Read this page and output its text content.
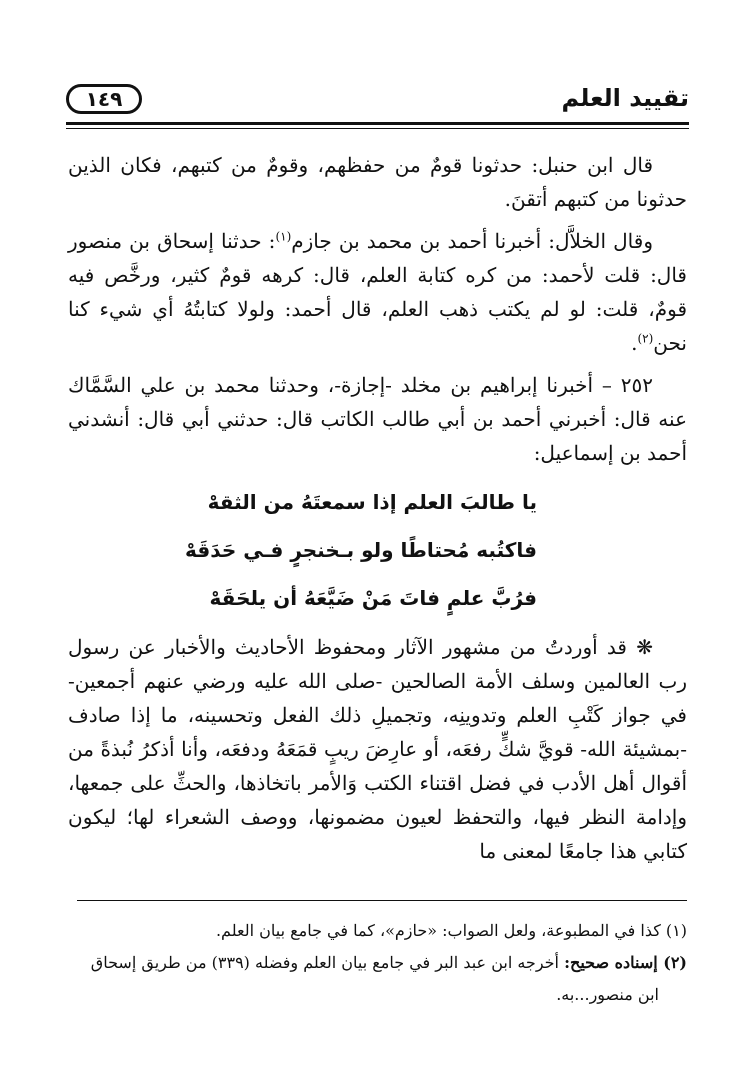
تقييد العلم
١٤٩

قال ابن حنبل: حدثونا قومٌ من حفظهم، وقومٌ من كتبهم، فكان الذين حدثونا من كتبهم أتقنَ.

وقال الخلاَّل: أخبرنا أحمد بن محمد بن جازم$^{(١)}$: حدثنا إسحاق بن منصور قال: قلت لأحمد: من كره كتابة العلم، قال: كرهه قومٌ كثير، ورخَّص فيه قومٌ، قلت: لو لم يكتب ذهب العلم، قال أحمد: ولولا كتابتُهُ أي شيء كنا نحن$^{(٢)}$.

٢٥٢ – أخبرنا إبراهيم بن مخلد -إجازة-، وحدثنا محمد بن علي السَّمَّاك عنه قال: أخبرني أحمد بن أبي طالب الكاتب قال: حدثني أبي قال: أنشدني أحمد بن إسماعيل:

يا طالبَ العلم إذا سمعتَهُ من الثقهْ
فاكتُبه مُحتاطًا ولو بـخنجرٍ فـي حَدَقَهْ
فرُبَّ علمٍ فاتَ مَنْ ضَيَّعَهُ أن يلحَقَهْ

❋ قد أوردتُ من مشهور الآثار ومحفوظ الأحاديث والأخبار عن رسول رب العالمين وسلف الأمة الصالحين -صلى الله عليه ورضي عنهم أجمعين- في جواز كَتْبِ العلم وتدوينِه، وتجميلِ ذلك الفعل وتحسينه، ما إذا صادف -بمشيئة الله- قويَّ شكٍّ رفعَه، أو عارِضَ ريبٍ قمَعَهُ ودفعَه، وأنا أذكرُ نُبذةً من أقوال أهل الأدب في فضل اقتناء الكتب وَالأمر باتخاذها، والحثِّ على جمعها، وإدامة النظر فيها، والتحفظ لعيون مضمونها، ووصف الشعراء لها؛ ليكون كتابي هذا جامعًا لمعنى ما

(١) كذا في المطبوعة، ولعل الصواب: «حازم»، كما في جامع بيان العلم.

(٢) إسناده صحيح: أخرجه ابن عبد البر في جامع بيان العلم وفضله (٣٣٩) من طريق إسحاق

ابن منصور...به.
